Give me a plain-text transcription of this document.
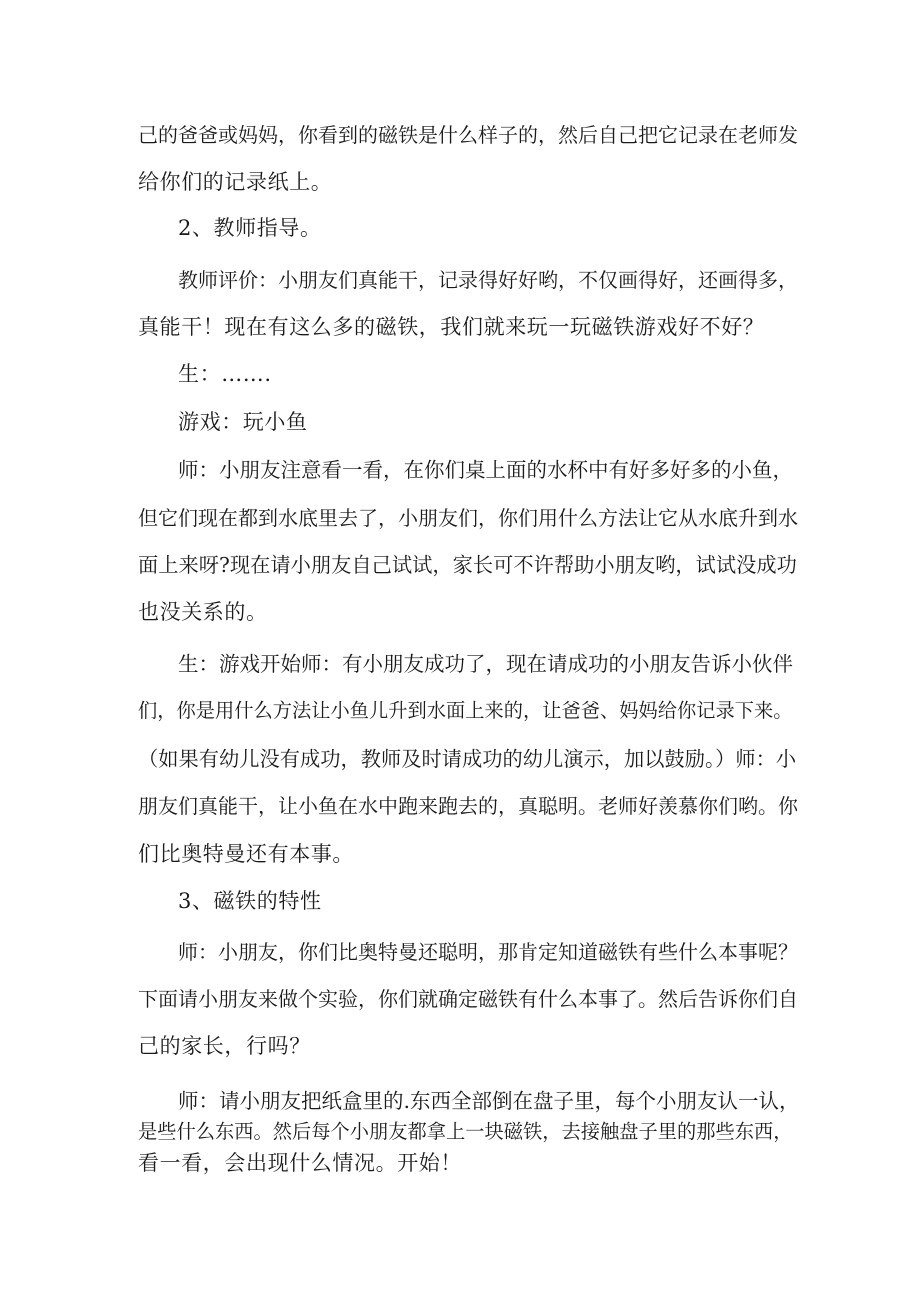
己的爸爸或妈妈，你看到的磁铁是什么样子的，然后自己把它记录在老师发
给你们的记录纸上。
2、教师指导。
教师评价：小朋友们真能干，记录得好好哟，不仅画得好，还画得多，
真能干！现在有这么多的磁铁，我们就来玩一玩磁铁游戏好不好？
生：…….
游戏：玩小鱼
师：小朋友注意看一看，在你们桌上面的水杯中有好多好多的小鱼，
但它们现在都到水底里去了，小朋友们，你们用什么方法让它从水底升到水
面上来呀?现在请小朋友自己试试，家长可不许帮助小朋友哟，试试没成功
也没关系的。
生：游戏开始师：有小朋友成功了，现在请成功的小朋友告诉小伙伴
们，你是用什么方法让小鱼儿升到水面上来的，让爸爸、妈妈给你记录下来。
（如果有幼儿没有成功，教师及时请成功的幼儿演示，加以鼓励。）师：小
朋友们真能干，让小鱼在水中跑来跑去的，真聪明。老师好羡慕你们哟。你
们比奥特曼还有本事。
3、磁铁的特性
师：小朋友，你们比奥特曼还聪明，那肯定知道磁铁有些什么本事呢？
下面请小朋友来做个实验，你们就确定磁铁有什么本事了。然后告诉你们自
己的家长，行吗？
师：请小朋友把纸盒里的.东西全部倒在盘子里，每个小朋友认一认，
是些什么东西。然后每个小朋友都拿上一块磁铁，去接触盘子里的那些东西，
看一看，会出现什么情况。开始！
